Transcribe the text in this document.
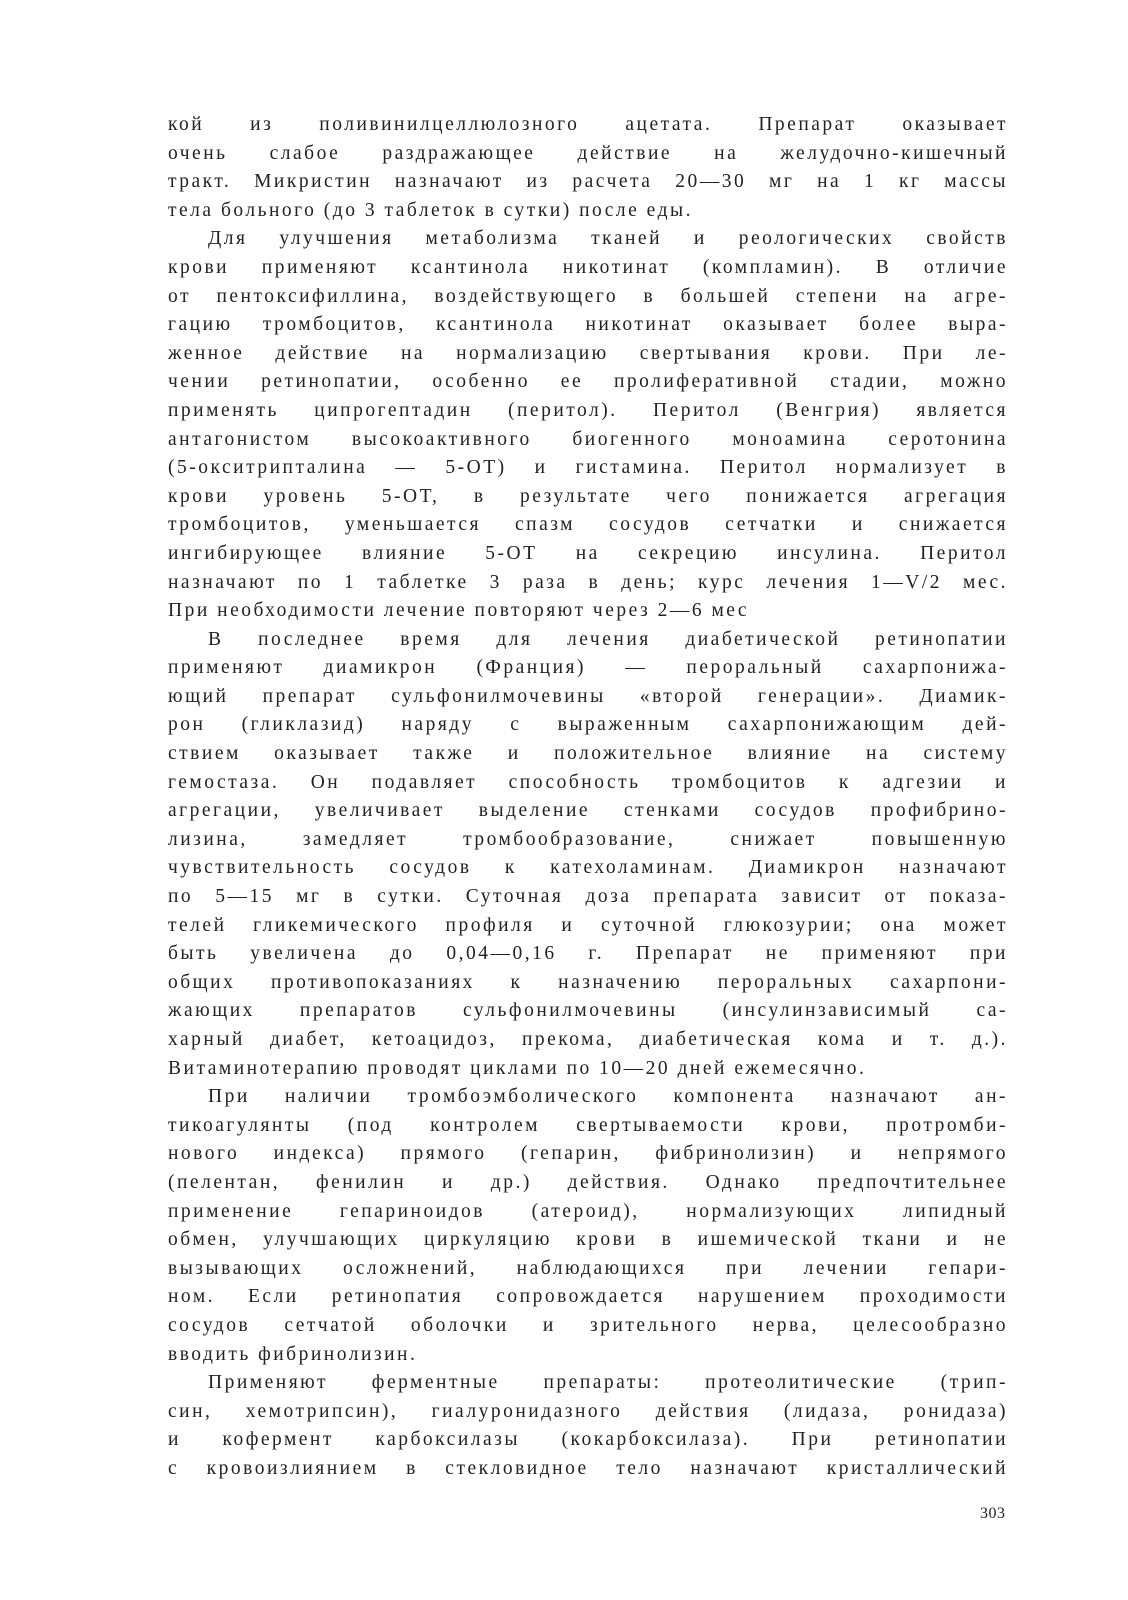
кой из поливинилцеллюлозного ацетата. Препарат оказывает
очень слабое раздражающее действие на желудочно-кишечный
тракт. Микристин назначают из расчета 20—30 мг на 1 кг массы
тела больного (до 3 таблеток в сутки) после еды.

Для улучшения метаболизма тканей и реологических свойств
крови применяют ксантинола никотинат (компламин). В отличие
от пентоксифиллина, воздействующего в большей степени на агре-
гацию тромбоцитов, ксантинола никотинат оказывает более выра-
женное действие на нормализацию свертывания крови. При ле-
чении ретинопатии, особенно ее пролиферативной стадии, можно
применять ципрогептадин (перитол). Перитол (Венгрия) является
антагонистом высокоактивного биогенного моноамина серотонина
(5-окситрипталина — 5-ОТ) и гистамина. Перитол нормализует в
крови уровень 5-ОТ, в результате чего понижается агрегация
тромбоцитов, уменьшается спазм сосудов сетчатки и снижается
ингибирующее влияние 5-ОТ на секрецию инсулина. Перитол
назначают по 1 таблетке 3 раза в день; курс лечения 1—V/2 мес.
При необходимости лечение повторяют через 2—6 мес

В последнее время для лечения диабетической ретинопатии
применяют диамикрон (Франция) — пероральный сахарпонижа-
ющий препарат сульфонилмочевины «второй генерации». Диамик-
рон (гликлазид) наряду с выраженным сахарпонижающим дей-
ствием оказывает также и положительное влияние на систему
гемостаза. Он подавляет способность тромбоцитов к адгезии и
агрегации, увеличивает выделение стенками сосудов профибрино-
лизина, замедляет тромбообразование, снижает повышенную
чувствительность сосудов к катехоламинам. Диамикрон назначают
по 5—15 мг в сутки. Суточная доза препарата зависит от показа-
телей гликемического профиля и суточной глюкозурии; она может
быть увеличена до 0,04—0,16 г. Препарат не применяют при
общих противопоказаниях к назначению пероральных сахарпони-
жающих препаратов сульфонилмочевины (инсулинзависимый са-
харный диабет, кетоацидоз, прекома, диабетическая кома и т. д.).
Витаминотерапию проводят циклами по 10—20 дней ежемесячно.

При наличии тромбоэмболического компонента назначают ан-
тикоагулянты (под контролем свертываемости крови, протромби-
нового индекса) прямого (гепарин, фибринолизин) и непрямого
(пелентан, фенилин и др.) действия. Однако предпочтительнее
применение гепариноидов (атероид), нормализующих липидный
обмен, улучшающих циркуляцию крови в ишемической ткани и не
вызывающих осложнений, наблюдающихся при лечении гепари-
ном. Если ретинопатия сопровождается нарушением проходимости
сосудов сетчатой оболочки и зрительного нерва, целесообразно
вводить фибринолизин.

Применяют ферментные препараты: протеолитические (трип-
син, хемотрипсин), гиалуронидазного действия (лидаза, ронидаза)
и кофермент карбоксилазы (кокарбоксилаза). При ретинопатии
с кровоизлиянием в стекловидное тело назначают кристаллический

303
